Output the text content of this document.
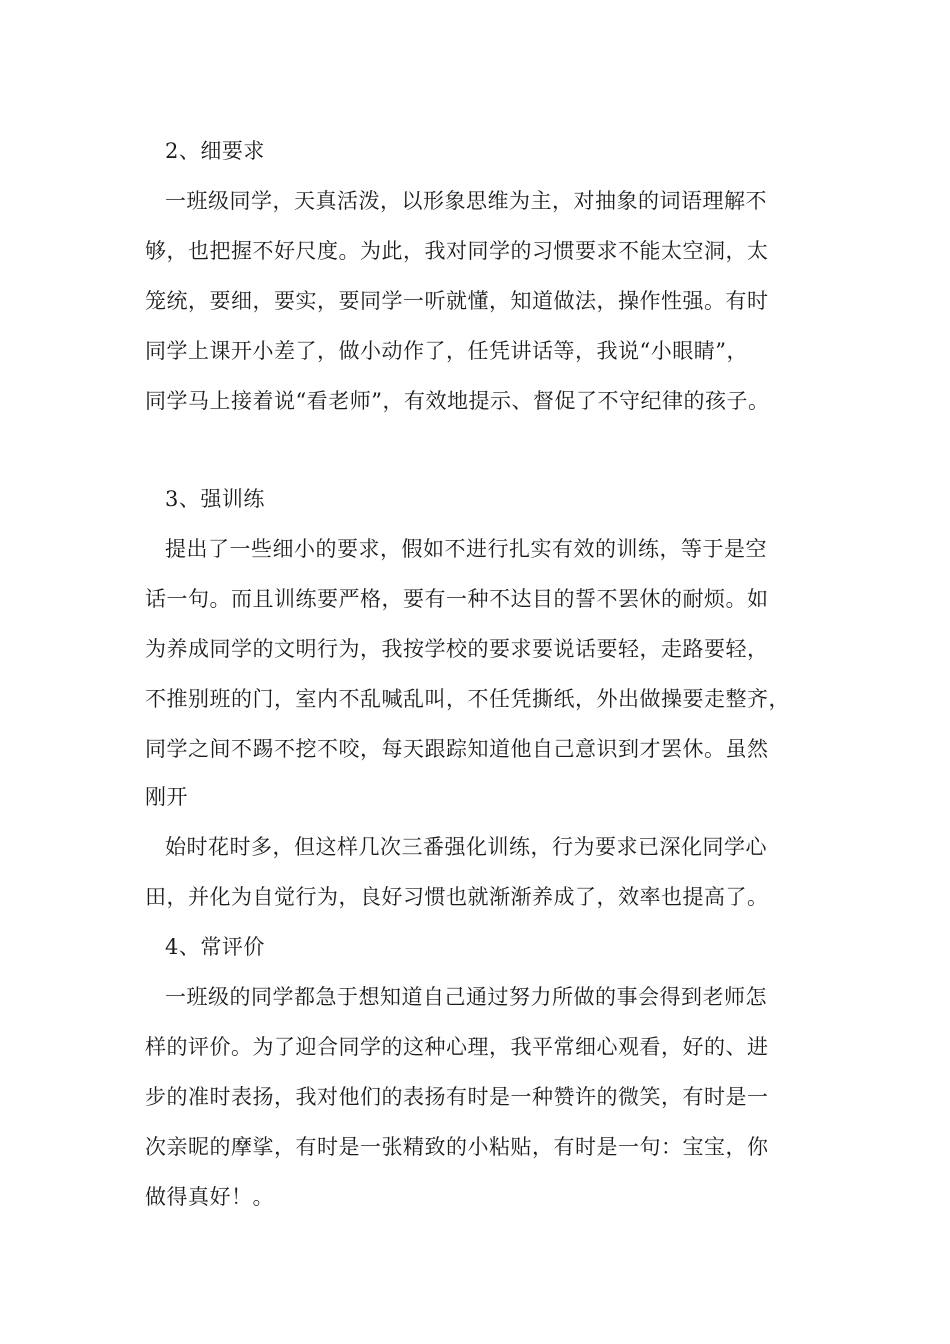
2、细要求
一班级同学，天真活泼，以形象思维为主，对抽象的词语理解不
够，也把握不好尺度。为此，我对同学的习惯要求不能太空洞，太
笼统，要细，要实，要同学一听就懂，知道做法，操作性强。有时
同学上课开小差了，做小动作了，任凭讲话等，我说“小眼睛”，
同学马上接着说“看老师”，有效地提示、督促了不守纪律的孩子。
3、强训练
提出了一些细小的要求，假如不进行扎实有效的训练，等于是空
话一句。而且训练要严格，要有一种不达目的誓不罢休的耐烦。如
为养成同学的文明行为，我按学校的要求要说话要轻，走路要轻，
不推别班的门，室内不乱喊乱叫，不任凭撕纸，外出做操要走整齐，
同学之间不踢不挖不咬，每天跟踪知道他自己意识到才罢休。虽然
刚开
始时花时多，但这样几次三番强化训练，行为要求已深化同学心
田，并化为自觉行为，良好习惯也就渐渐养成了，效率也提高了。
4、常评价
一班级的同学都急于想知道自己通过努力所做的事会得到老师怎
样的评价。为了迎合同学的这种心理，我平常细心观看，好的、进
步的准时表扬，我对他们的表扬有时是一种赞许的微笑，有时是一
次亲昵的摩挲，有时是一张精致的小粘贴，有时是一句：宝宝，你
做得真好！。
